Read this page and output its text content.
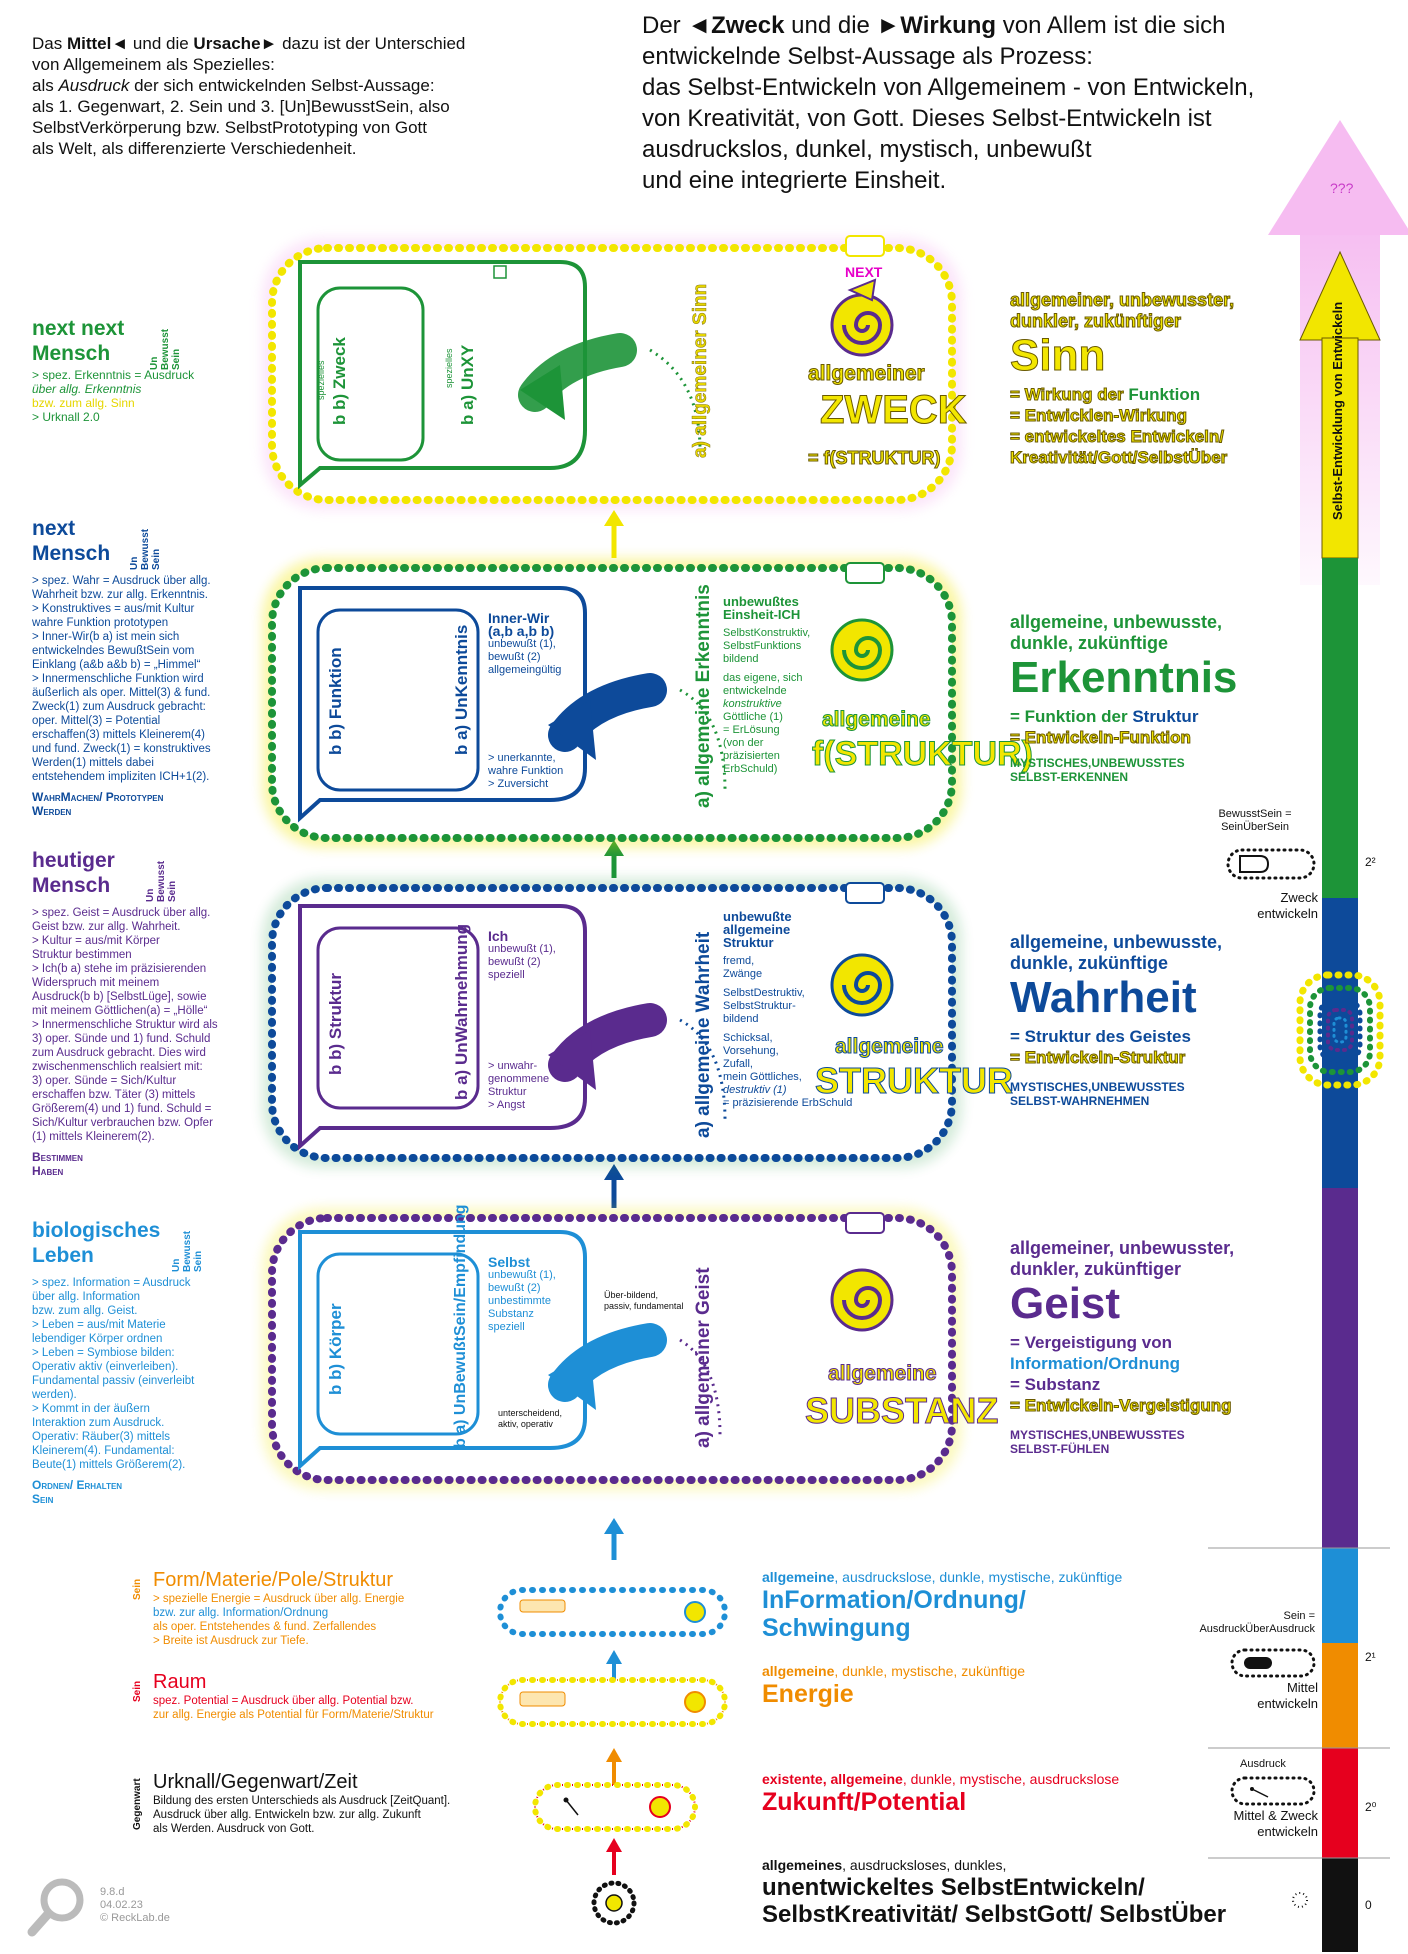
Das Mittel◄ und die Ursache► dazu ist der Unterschied
von Allgemeinem als Spezielles:
als Ausdruck der sich entwickelnden Selbst-Aussage:
als 1. Gegenwart, 2. Sein und 3. [Un]BewusstSein, also
SelbstVerkörperung bzw. SelbstPrototyping von Gott
als Welt, als differenzierte Verschiedenheit.
Der ◄Zweck und die ►Wirkung von Allem ist die sich
entwickelnde Selbst-Aussage als Prozess:
das Selbst-Entwickeln von Allgemeinem - von Entwickeln,
von Kreativität, von Gott. Dieses Selbst-Entwickeln ist
ausdruckslos, dunkel, mystisch, unbewußt
und eine integrierte Einsheit.
next next
Mensch	Un Bewusst Sein
> spez. Erkenntnis = Ausdruck
über allg. Erkenntnis
bzw. zum allg. Sinn
> Urknall 2.0
next
Mensch Un Bewusst Sein
> spez. Wahr = Ausdruck über allg.
Wahrheit bzw. zur allg. Erkenntnis.
> Konstruktives = aus/mit Kultur
wahre Funktion prototypen
> Inner-Wir(b a) ist mein sich
entwickelndes BewußtSein vom
Einklang (a&b a&b b) = „Himmel“
> Innermenschliche Funktion wird
äußerlich als oper. Mittel(3) & fund.
Zweck(1) zum Ausdruck gebracht:
oper. Mittel(3) = Potential
erschaffen(3) mittels Kleinerem(4)
und fund. Zweck(1) = konstruktives
Werden(1) mittels dabei
entstehendem impliziten ICH+1(2).
WahrMachen/ Prototypen
Werden
heutiger
Mensch	Un Bewusst Sein
> spez. Geist = Ausdruck über allg.
Geist bzw. zur allg. Wahrheit.
> Kultur = aus/mit Körper
Struktur bestimmen
> Ich(b a) stehe im präzisierenden
Widerspruch mit meinem
Ausdruck(b b) [SelbstLüge], sowie
mit meinem Göttlichen(a) = „Hölle“
> Innermenschliche Struktur wird als
3) oper. Sünde und 1) fund. Schuld
zum Ausdruck gebracht. Dies wird
zwischenmenschlich realsiert mit:
3) oper. Sünde = Sich/Kultur
erschaffen bzw. Täter (3) mittels
Größerem(4) und 1) fund. Schuld =
Sich/Kultur verbrauchen bzw. Opfer
(1) mittels Kleinerem(2).
Bestimmen
Haben
biologisches
Leben	Un Bewusst Sein
> spez. Information = Ausdruck
über allg. Information
bzw. zum allg. Geist.
> Leben = aus/mit Materie
lebendiger Körper ordnen
> Leben = Symbiose bilden:
Operativ aktiv (einverleiben).
Fundamental passiv (einverleibt
werden).
> Kommt in der äußern
Interaktion zum Ausdruck.
Operativ: Räuber(3) mittels
Kleinerem(4). Fundamental:
Beute(1) mittels Größerem(2).
Ordnen/ Erhalten
Sein
b b) Zweck
spezielles	b a) UnXY
spezielles	a) allgemeiner Sinn
NEXT
allgemeiner
ZWECK
= f(STRUKTUR)
b b) Funktion	b a) UnKenntnis	a) allgemeine Erkenntnis
Inner-Wir
(a,b a,b b)
unbewußt (1),
bewußt (2)
allgemeingültig
> unerkannte,
wahre Funktion
> Zuversicht
unbewußtes
Einsheit-ICH
SelbstKonstruktiv,
SelbstFunktions
bildend
das eigene, sich
entwickelnde
konstruktive
Göttliche (1)
= ErLösung
(von der
präzisierten
ErbSchuld)
allgemeine
f(STRUKTUR)
b b) Struktur	b a) UnWahrnehmung	a) allgemeine Wahrheit
Ich
unbewußt (1),
bewußt (2)
speziell
> unwahr-
genommene
Struktur
> Angst
unbewußte
allgemeine
Struktur
fremd,
Zwänge
SelbstDestruktiv,
SelbstStruktur-
bildend
Schicksal,
Vorsehung,
Zufall,
mein Göttliches,
destruktiv (1)
= präzisierende ErbSchuld
allgemeine
STRUKTUR
b b) Körper	b a) UnBewußtSein/Empfindung	a) allgemeiner Geist
Selbst
unbewußt (1),
bewußt (2)
unbestimmte
Substanz
speziell
Über-bildend,
passiv, fundamental
unterscheidend,
aktiv, operativ
allgemeine
SUBSTANZ
allgemeiner, unbewusster,
dunkler, zukünftiger
Sinn
= Wirkung der Funktion
= Entwicklen-Wirkung
= entwickeltes Entwickeln/
Kreativität/Gott/SelbstÜber
allgemeine, unbewusste,
dunkle, zukünftige
Erkenntnis
= Funktion der Struktur
= Entwickeln-Funktion
MYSTISCHES,UNBEWUSSTES
SELBST-ERKENNEN
allgemeine, unbewusste,
dunkle, zukünftige
Wahrheit
= Struktur des Geistes
= Entwickeln-Struktur
MYSTISCHES,UNBEWUSSTES
SELBST-WAHRNEHMEN
allgemeiner, unbewusster,
dunkler, zukünftiger
Geist
= Vergeistigung von
Information/Ordnung
= Substanz
= Entwickeln-Vergeistigung
MYSTISCHES,UNBEWUSSTES
SELBST-FÜHLEN
Sein Form/Materie/Pole/Struktur
> spezielle Energie = Ausdruck über allg. Energie
bzw. zur allg. Information/Ordnung
als oper. Entstehendes & fund. Zerfallendes
> Breite ist Ausdruck zur Tiefe.
Sein Raum
spez. Potential = Ausdruck über allg. Potential bzw.
zur allg. Energie als Potential für Form/Materie/Struktur
Gegenwart Urknall/Gegenwart/Zeit
Bildung des ersten Unterschieds als Ausdruck [ZeitQuant].
Ausdruck über allg. Entwickeln bzw. zur allg. Zukunft
als Werden. Ausdruck von Gott.
allgemeine, ausdruckslose, dunkle, mystische, zukünftige
InFormation/Ordnung/
Schwingung
allgemeine, dunkle, mystische, zukünftige
Energie
existente, allgemeine, dunkle, mystische, ausdruckslose
Zukunft/Potential
allgemeines, ausdrucksloses, dunkles,
unentwickeltes SelbstEntwickeln/
SelbstKreativität/ SelbstGott/ SelbstÜber
Selbst-Entwicklung von Entwickeln
???
BewusstSein =
SeinÜberSein
Zweck
entwickeln
2²
Sein =
AusdruckÜberAusdruck
Mittel
entwickeln
2¹
Ausdruck
Mittel & Zweck
entwickeln
2⁰
0
9.8.d
04.02.23
© ReckLab.de
